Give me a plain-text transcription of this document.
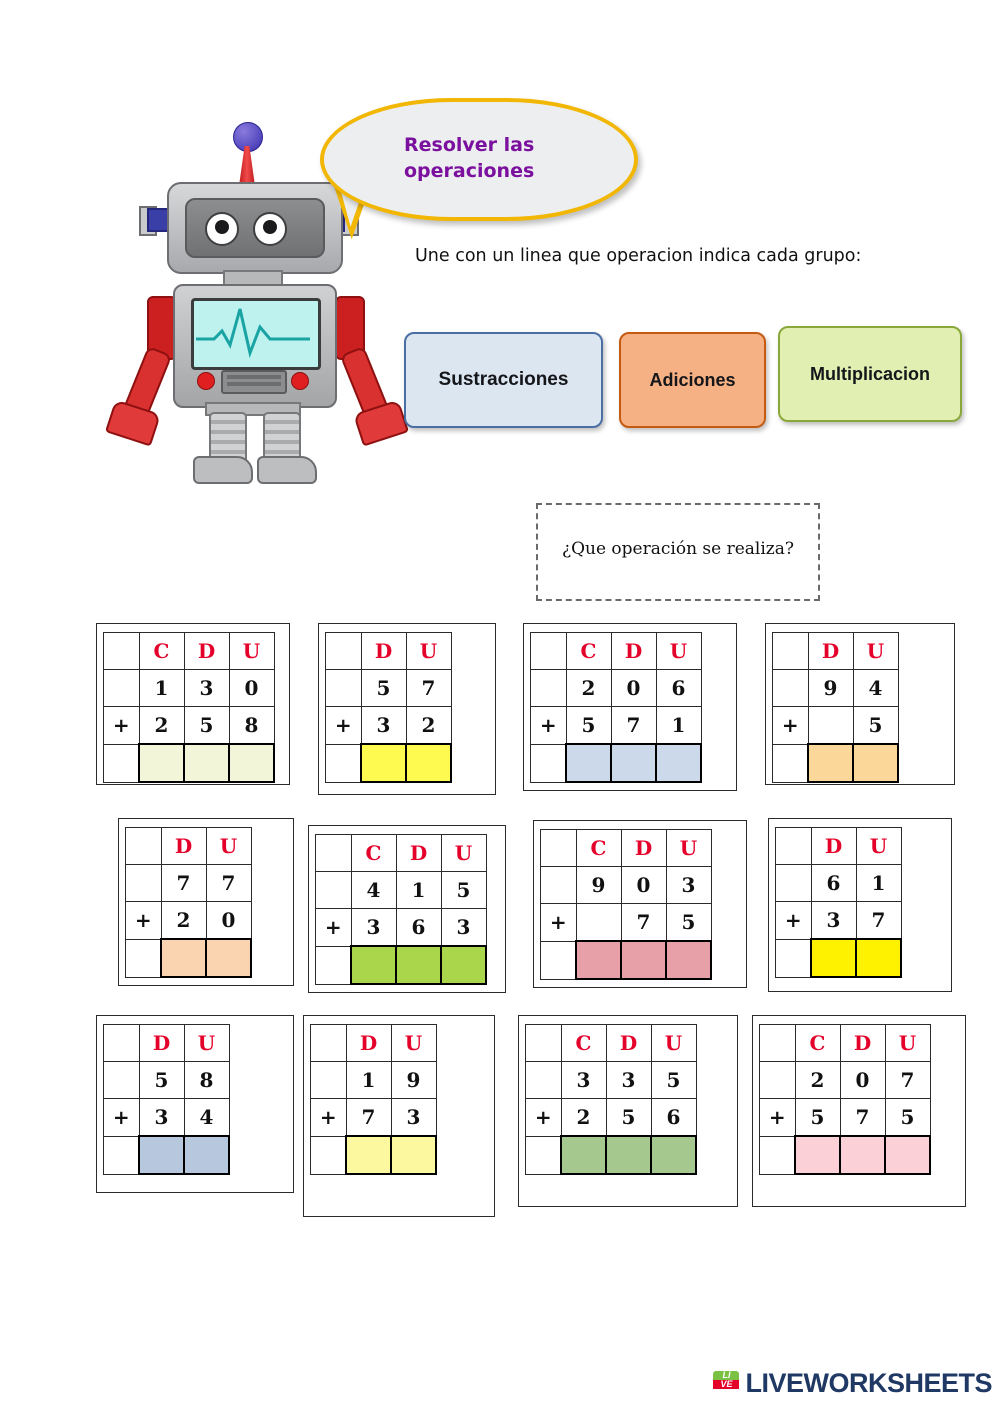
Resolver las operaciones
Une con un linea que operacion indica cada grupo:
Sustracciones	Adiciones	Multiplicacion
¿Que operación se realiza?
	C	D	U
	1	3	0
+	2	5	8

	D	U
	5	7
+	3	2

	C	D	U
	2	0	6
+	5	7	1

	D	U
	9	4
+		5

	D	U
	7	7
+	2	0

	C	D	U
	4	1	5
+	3	6	3

	C	D	U
	9	0	3
+		7	5

	D	U
	6	1
+	3	7

	D	U
	5	8
+	3	4

	D	U
	1	9
+	7	3

	C	D	U
	3	3	5
+	2	5	6

	C	D	U
	2	0	7
+	5	7	5

LI
VE LIVEWORKSHEETS
